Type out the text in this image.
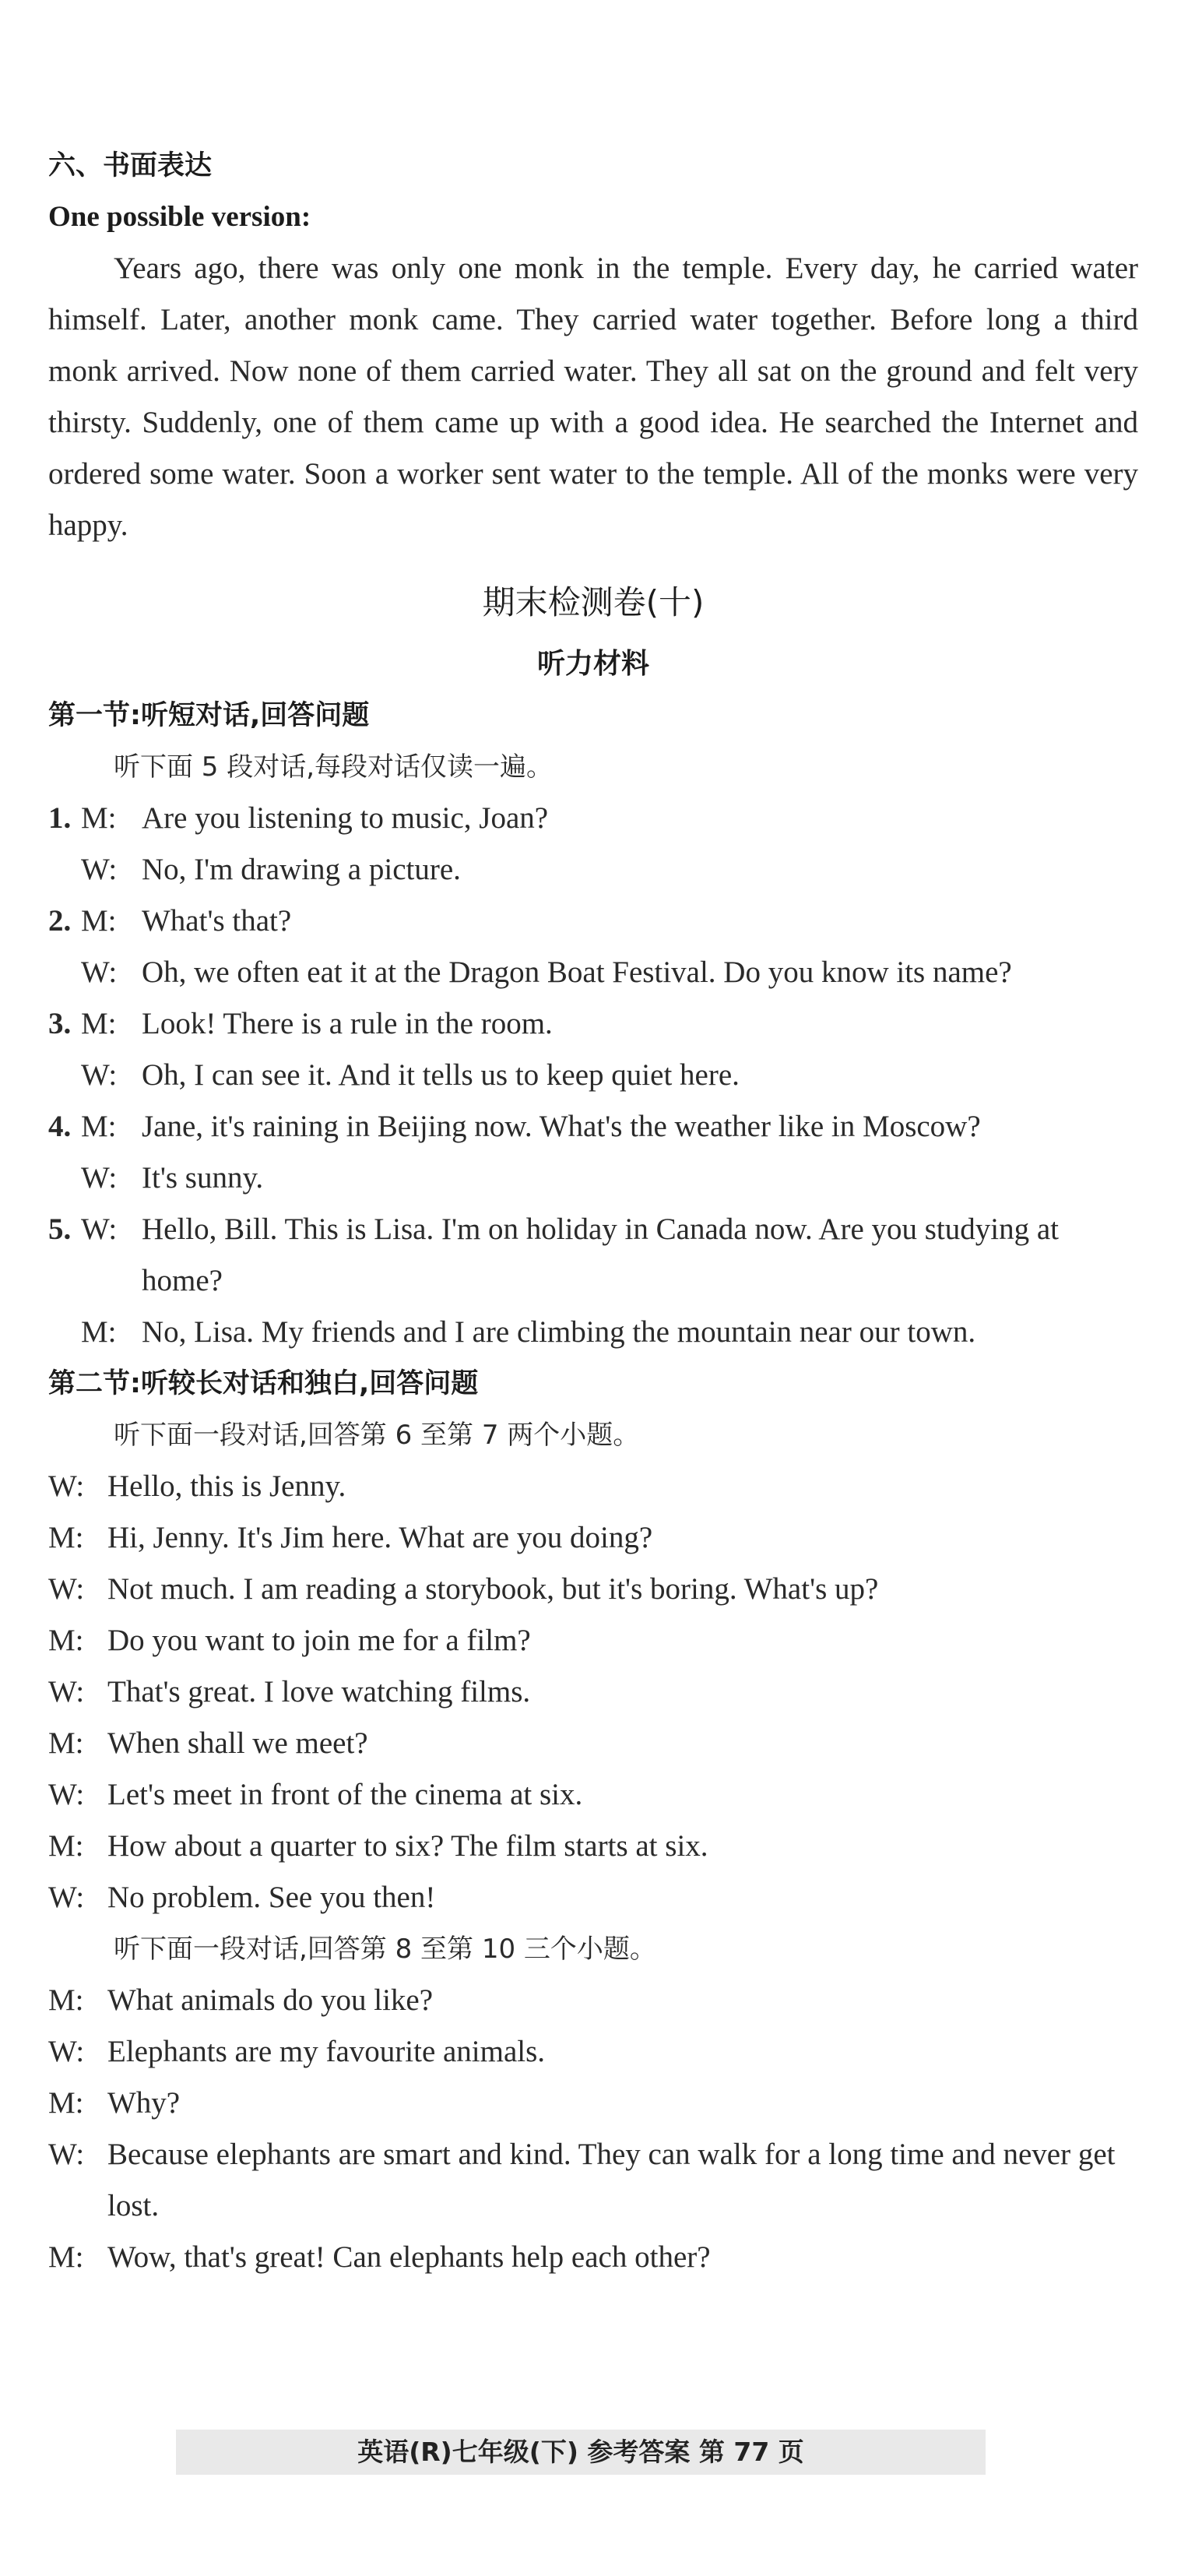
六、书面表达

One possible version:

Years ago, there was only one monk in the temple. Every day, he carried water himself. Later, another monk came. They carried water together. Before long a third monk arrived. Now none of them carried water. They all sat on the ground and felt very thirsty. Suddenly, one of them came up with a good idea. He searched the Internet and ordered some water. Soon a worker sent water to the temple. All of the monks were very happy.

期末检测卷(十)

听力材料

第一节:听短对话,回答问题

听下面 5 段对话,每段对话仅读一遍。
1. M: Are you listening to music, Joan?
W: No, I'm drawing a picture.
2. M: What's that?
W: Oh, we often eat it at the Dragon Boat Festival. Do you know its name?
3. M: Look! There is a rule in the room.
W: Oh, I can see it. And it tells us to keep quiet here.
4. M: Jane, it's raining in Beijing now. What's the weather like in Moscow?
W: It's sunny.
5. W: Hello, Bill. This is Lisa. I'm on holiday in Canada now. Are you studying at home?
M: No, Lisa. My friends and I are climbing the mountain near our town.

第二节:听较长对话和独白,回答问题

听下面一段对话,回答第 6 至第 7 两个小题。
W: Hello, this is Jenny.
M: Hi, Jenny. It's Jim here. What are you doing?
W: Not much. I am reading a storybook, but it's boring. What's up?
M: Do you want to join me for a film?
W: That's great. I love watching films.
M: When shall we meet?
W: Let's meet in front of the cinema at six.
M: How about a quarter to six? The film starts at six.
W: No problem. See you then!
听下面一段对话,回答第 8 至第 10 三个小题。
M: What animals do you like?
W: Elephants are my favourite animals.
M: Why?
W: Because elephants are smart and kind. They can walk for a long time and never get lost.
M: Wow, that's great! Can elephants help each other?
英语(R)七年级(下) 参考答案 第 77 页
